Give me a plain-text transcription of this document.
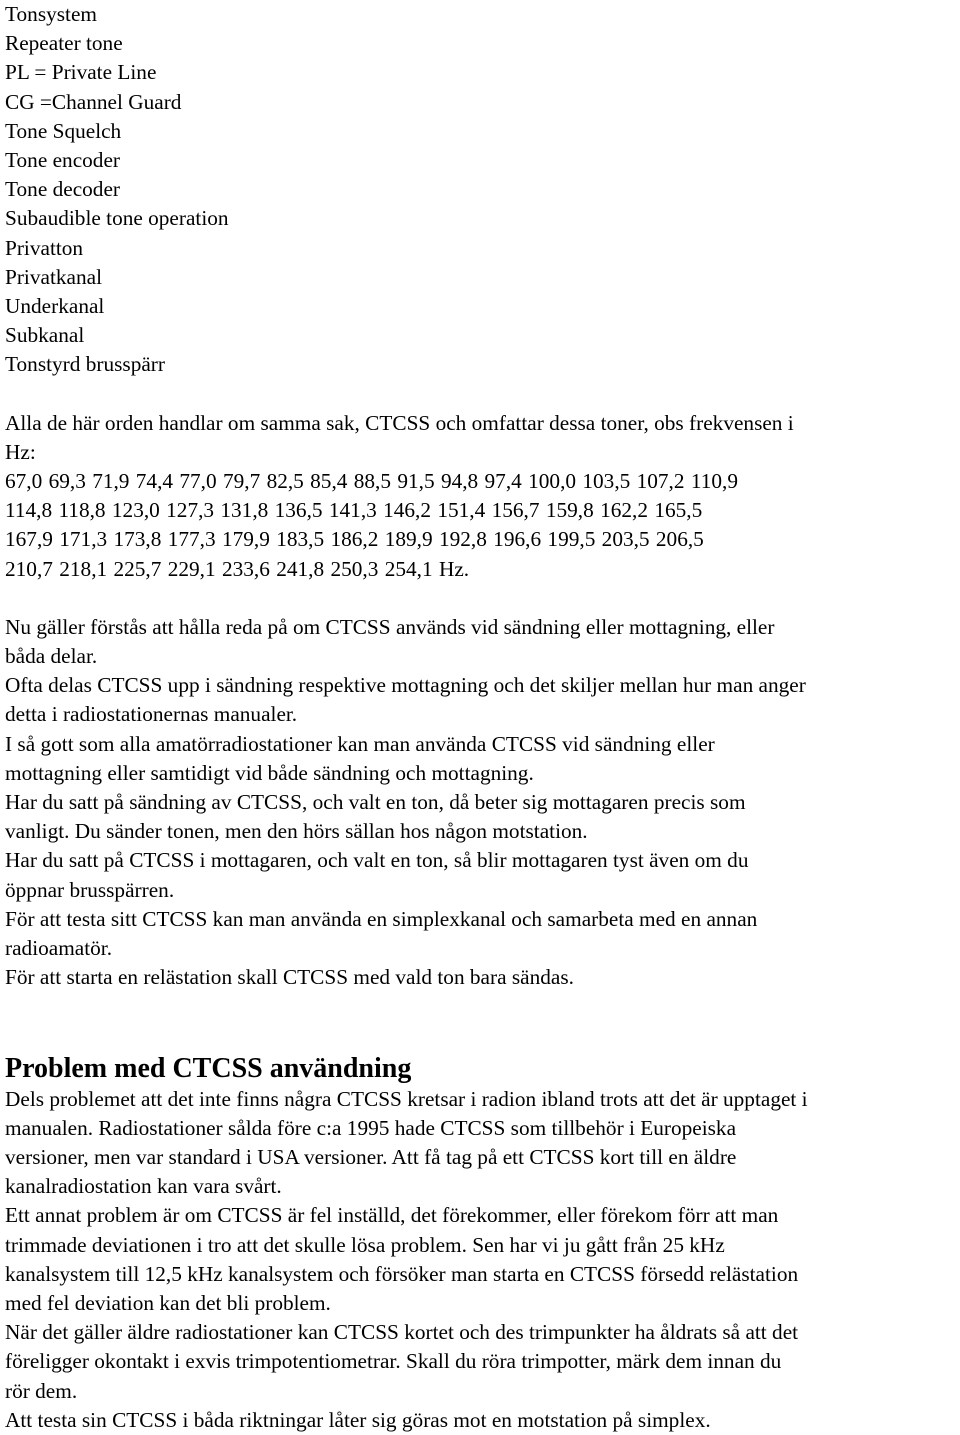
Tonsystem

Repeater tone

PL = Private Line

CG =Channel Guard

Tone Squelch

Tone encoder

Tone decoder

Subaudible tone operation

Privatton

Privatkanal

Underkanal

Subkanal

Tonstyrd brusspärr

Alla de här orden handlar om samma sak, CTCSS och omfattar dessa toner, obs frekvensen i

Hz:

67,0 69,3 71,9 74,4 77,0 79,7 82,5 85,4 88,5 91,5 94,8 97,4 100,0 103,5 107,2 110,9

114,8 118,8 123,0 127,3 131,8 136,5 141,3 146,2 151,4 156,7 159,8 162,2 165,5

167,9 171,3 173,8 177,3 179,9 183,5 186,2 189,9 192,8 196,6 199,5 203,5 206,5

210,7 218,1 225,7 229,1 233,6 241,8 250,3 254,1 Hz.

Nu gäller förstås att hålla reda på om CTCSS används vid sändning eller mottagning, eller

båda delar.

Ofta delas CTCSS upp i sändning respektive mottagning och det skiljer mellan hur man anger

detta i radiostationernas manualer.

I så gott som alla amatörradiostationer kan man använda CTCSS vid sändning eller

mottagning eller samtidigt vid både sändning och mottagning.

Har du satt på sändning av CTCSS, och valt en ton, då beter sig mottagaren precis som

vanligt. Du sänder tonen, men den hörs sällan hos någon motstation.

Har du satt på CTCSS i mottagaren, och valt en ton, så blir mottagaren tyst även om du

öppnar brusspärren.

För att testa sitt CTCSS kan man använda en simplexkanal och samarbeta med en annan

radioamatör.

För att starta en relästation skall CTCSS med vald ton bara sändas.

Problem med CTCSS användning

Dels problemet att det inte finns några CTCSS kretsar i radion ibland trots att det är upptaget i

manualen. Radiostationer sålda före c:a 1995 hade CTCSS som tillbehör i Europeiska

versioner, men var standard i USA versioner. Att få tag på ett CTCSS kort till en äldre

kanalradiostation kan vara svårt.

Ett annat problem är om CTCSS är fel inställd, det förekommer, eller förekom förr att man

trimmade deviationen i tro att det skulle lösa problem. Sen har vi ju gått från 25 kHz

kanalsystem till 12,5 kHz kanalsystem och försöker man starta en CTCSS försedd relästation

med fel deviation kan det bli problem.

När det gäller äldre radiostationer kan CTCSS kortet och des trimpunkter ha åldrats så att det

föreligger okontakt i exvis trimpotentiometrar. Skall du röra trimpotter, märk dem innan du

rör dem.

Att testa sin CTCSS i båda riktningar låter sig göras mot en motstation på simplex.
